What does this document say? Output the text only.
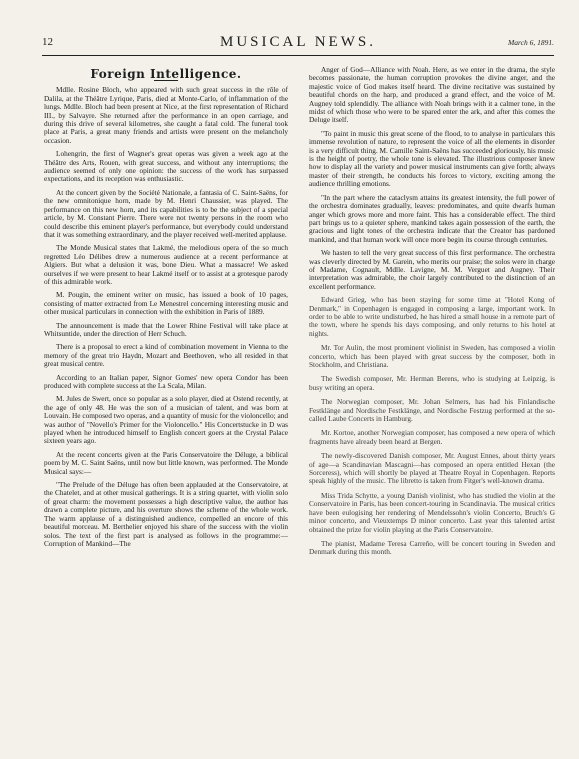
12	MUSICAL NEWS.	March 6, 1891.
Foreign Intelligence.

Mdlle. Rosine Bloch, who appeared with such great success in the rôle of Dalila, at the Théâtre Lyrique, Paris, died at Monte-Carlo, of inflammation of the lungs. Mdlle. Bloch had been present at Nice, at the first representation of Richard III., by Salvayre. She returned after the performance in an open carriage, and during this drive of several kilometres, she caught a fatal cold. The funeral took place at Paris, a great many friends and artists were present on the melancholy occasion.

Lohengrin, the first of Wagner's great operas was given a week ago at the Théâtre des Arts, Rouen, with great success, and without any interruptions; the audience seemed of only one opinion: the success of the work has surpassed expectations, and its reception was enthusiastic.

At the concert given by the Société Nationale, a fantasia of C. Saint-Saëns, for the new omnitonique horn, made by M. Henri Chaussier, was played. The performance on this new horn, and its capabilities is to be the subject of a special article, by M. Constant Pierre. There were not twenty persons in the room who could describe this eminent player's performance, but everybody could understand that it was something extraordinary, and the player received well-merited applause.

The Monde Musical states that Lakmé, the melodious opera of the so much regretted Léo Délibes drew a numerous audience at a recent performance at Algiers. But what a delusion it was, bone Dieu. What a massacre! We asked ourselves if we were present to hear Lakmé itself or to assist at a grotesque parody of this admirable work.

M. Pougin, the eminent writer on music, has issued a book of 10 pages, consisting of matter extracted from Le Menestrel concerning interesting music and other musical particulars in connection with the exhibition in Paris of 1889.

The announcement is made that the Lower Rhine Festival will take place at Whitsuntide, under the direction of Herr Schuch.

There is a proposal to erect a kind of combination movement in Vienna to the memory of the great trio Haydn, Mozart and Beethoven, who all resided in that great musical centre.

According to an Italian paper, Signor Gomes' new opera Condor has been produced with complete success at the La Scala, Milan.

M. Jules de Swert, once so popular as a solo player, died at Ostend recently, at the age of only 48. He was the son of a musician of talent, and was born at Louvain. He composed two operas, and a quantity of music for the violoncello; and was author of "Novello's Primer for the Violoncello." His Concertstucke in D was played when he introduced himself to English concert goers at the Crystal Palace sixteen years ago.

At the recent concerts given at the Paris Conservatoire the Déluge, a biblical poem by M. C. Saint Saëns, until now but little known, was performed. The Monde Musical says:—

"The Prelude of the Déluge has often been applauded at the Conservatoire, at the Chatelet, and at other musical gatherings. It is a string quartet, with violin solo of great charm: the movement possesses a high descriptive value, the author has drawn a complete picture, and his overture shows the scheme of the whole work. The warm applause of a distinguished audience, compelled an encore of this beautiful morceau. M. Berthelier enjoyed his share of the success with the violin solos. The text of the first part is analysed as follows in the programme:—Corruption of Mankind—The

Anger of God—Alliance with Noah. Here, as we enter in the drama, the style becomes passionate, the human corruption provokes the divine anger, and the majestic voice of God makes itself heard. The divine recitative was sustained by beautiful chords on the harp, and produced a grand effect, and the voice of M. Augney told splendidly. The alliance with Noah brings with it a calmer tone, in the midst of which those who were to be spared enter the ark, and after this comes the Deluge itself.

"To paint in music this great scene of the flood, to to analyse in particulars this immense revolution of nature, to represent the voice of all the elements in disorder is a very difficult thing. M. Camille Saint-Saëns has succeeded gloriously, his music is the height of poetry, the whole tone is elevated. The illustrious composer knew how to display all the variety and power musical instruments can give forth; always master of their strength, he conducts his forces to victory, exciting among the audience thrilling emotions.

"In the part where the cataclysm attains its greatest intensity, the full power of the orchestra dominates gradually, leaves: predominates, and quite dwarfs human anger which grows more and more faint. This has a considerable effect. The third part brings us to a quieter sphere, mankind takes again possession of the earth, the gracious and light tones of the orchestra indicate that the Creator has pardoned mankind, and that human work will once more begin its course through centuries.

We hasten to tell the very great success of this first performance. The orchestra was cleverly directed by M. Garein, who merits our praise; the solos were in charge of Madame, Cognault, Mdlle. Lavigne, M. M. Verguet and Augney. Their interpretation was admirable, the choir largely contributed to the distinction of an excellent performance.

Edward Grieg, who has been staying for some time at "Hotel Kong of Denmark," in Copenhagen is engaged in composing a large, important work. In order to be able to write undisturbed, he has hired a small house in a remote part of the town, where he spends his days composing, and only returns to his hotel at nights.

Mr. Tor Aulin, the most prominent violinist in Sweden, has composed a violin concerto, which has been played with great success by the composer, both in Stockholm, and Christiana.

The Swedish composer, Mr. Herman Berens, who is studying at Leipzig, is busy writing an opera.

The Norwegian composer, Mr. Johan Selmers, has had his Finlandische Festklänge and Nordische Festklänge, and Nordische Festzug performed at the so-called Laube Concerts in Hamburg.

Mr. Kortoe, another Norwegian composer, has composed a new opera of which fragments have already been heard at Bergen.

The newly-discovered Danish composer, Mr. August Ennes, about thirty years of age—a Scandinavian Mascagni—has composed an opera entitled Hexan (the Sorceress), which will shortly be played at Theatre Royal in Copenhagen. Reports speak highly of the music. The libretto is taken from Fitger's well-known drama.

Miss Trida Schytte, a young Danish violinist, who has studied the violin at the Conservatoire in Paris, has been concert-touring in Scandinavia. The musical critics have been eulogising her rendering of Mendelssohn's violin Concerto, Bruch's G minor concerto, and Vieuxtemps D minor concerto. Last year this talented artist obtained the prize for violin playing at the Paris Conservatoire.

The pianist, Madame Teresa Carreño, will be concert touring in Sweden and Denmark during this month.
